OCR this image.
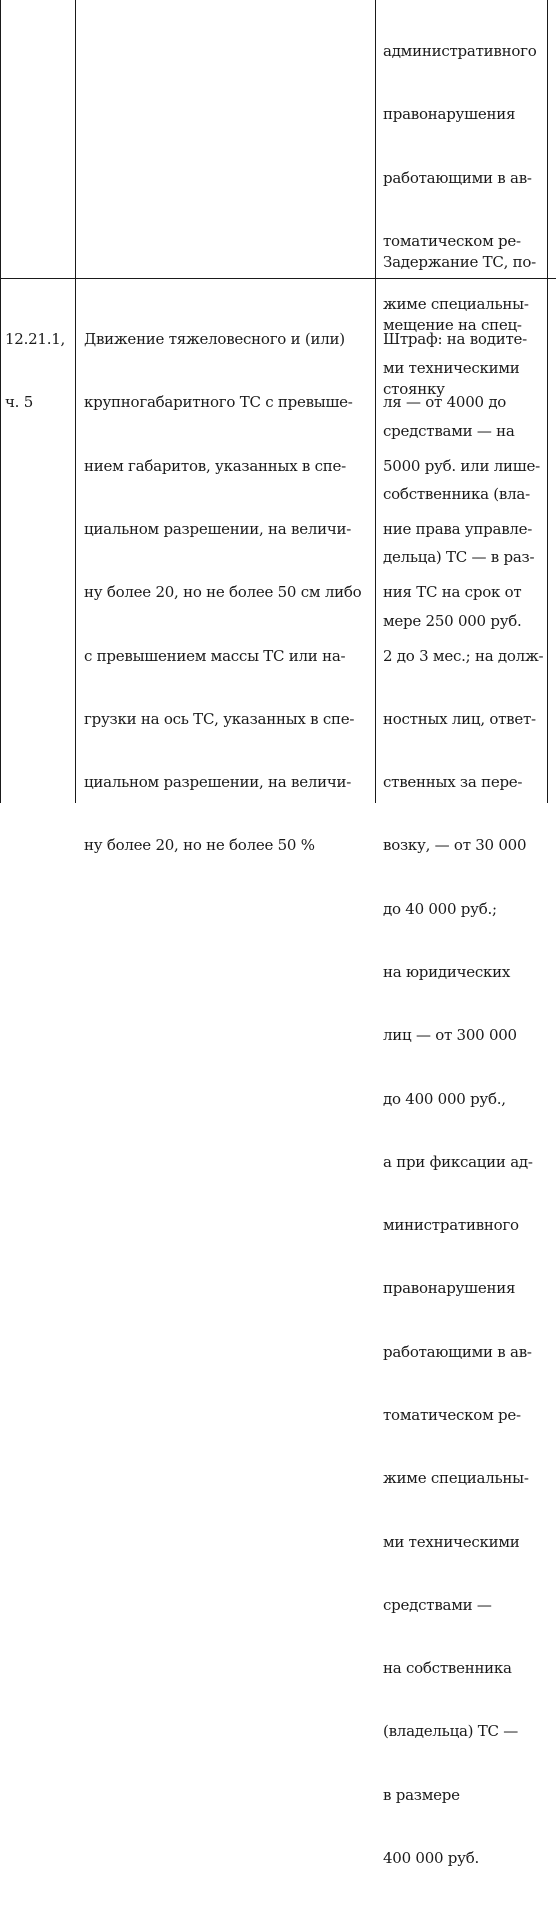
административного

правонарушения

работающими в ав-

томатическом ре-

жиме специальны-

ми техническими

средствами — на

собственника (вла-

дельца) ТС — в раз-

мере 250 000 руб.

Задержание ТС, по-

мещение на спец-

стоянку

12.21.1,

ч. 5

Движение тяжеловесного и (или)

крупногабаритного ТС с превыше-

нием габаритов, указанных в спе-

циальном разрешении, на величи-

ну более 20, но не более 50 см либо

с превышением массы ТС или на-

грузки на ось ТС, указанных в спе-

циальном разрешении, на величи-

ну более 20, но не более 50 %

Штраф: на водите-

ля — от 4000 до

5000 руб. или лише-

ние права управле-

ния ТС на срок от

2 до 3 мес.; на долж-

ностных лиц, ответ-

ственных за пере-

возку, — от 30 000

до 40 000 руб.;

на юридических

лиц — от 300 000

до 400 000 руб.,

а при фиксации ад-

министративного

правонарушения

работающими в ав-

томатическом ре-

жиме специальны-

ми техническими

средствами —

на собственника

(владельца) ТС —

в размере

400 000 руб.
